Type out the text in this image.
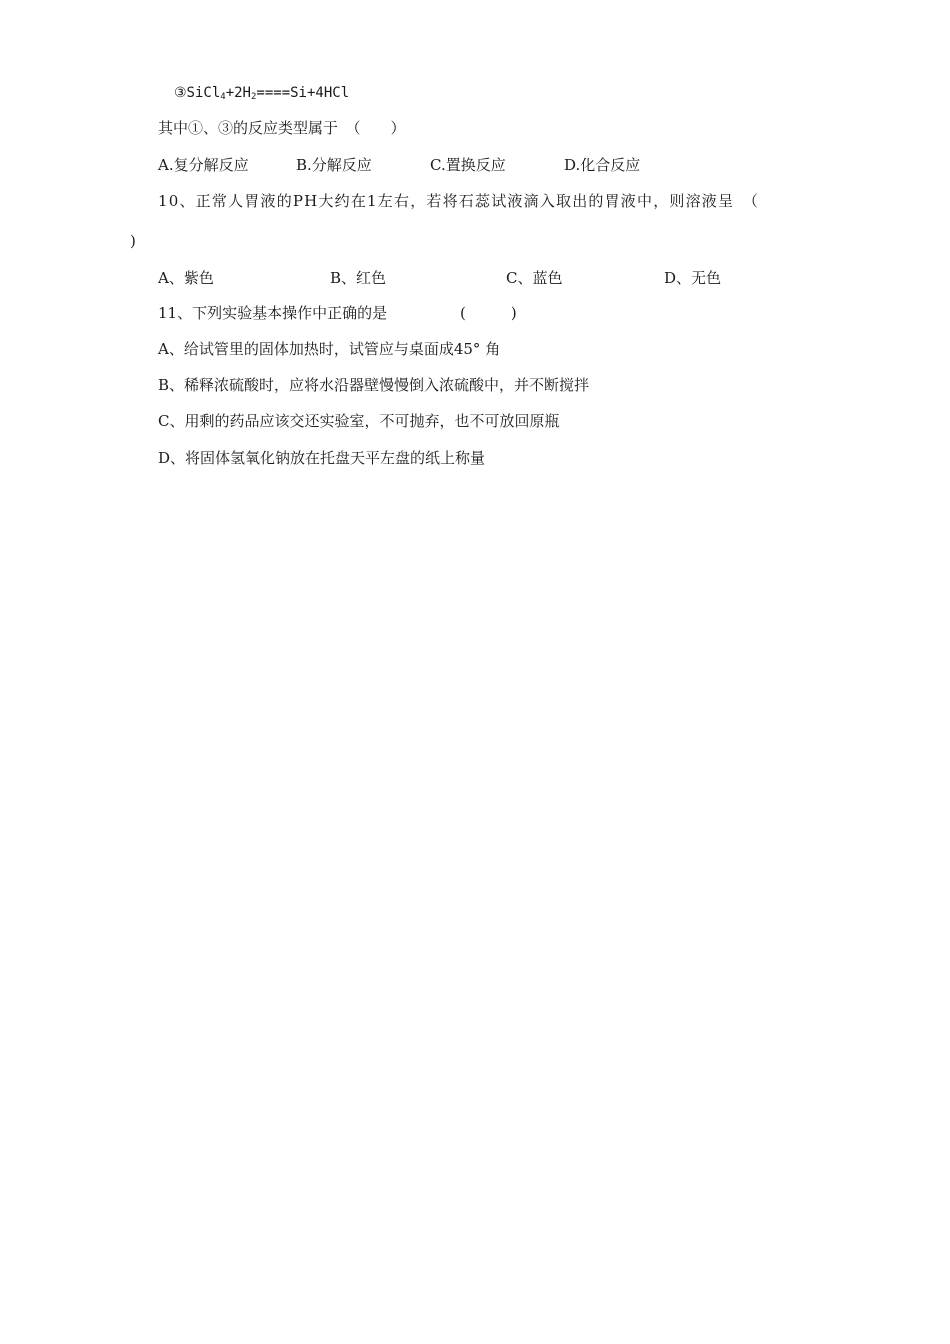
$③SiCl_4+2H_2====Si+4HCl$
其中①、③的反应类型属于　（　　）
A.复分解反应	B.分解反应	C.置换反应	D.化合反应
10、正常人胃液的PH大约在1左右，若将石蕊试液滴入取出的胃液中，则溶液呈　（
)
A、紫色	B、红色	C、蓝色	D、无色
11、下列实验基本操作中正确的是	(　　　)
A、给试管里的固体加热时，试管应与桌面成45° 角
B、稀释浓硫酸时，应将水沿器壁慢慢倒入浓硫酸中，并不断搅拌
C、用剩的药品应该交还实验室，不可抛弃，也不可放回原瓶
D、将固体氢氧化钠放在托盘天平左盘的纸上称量
